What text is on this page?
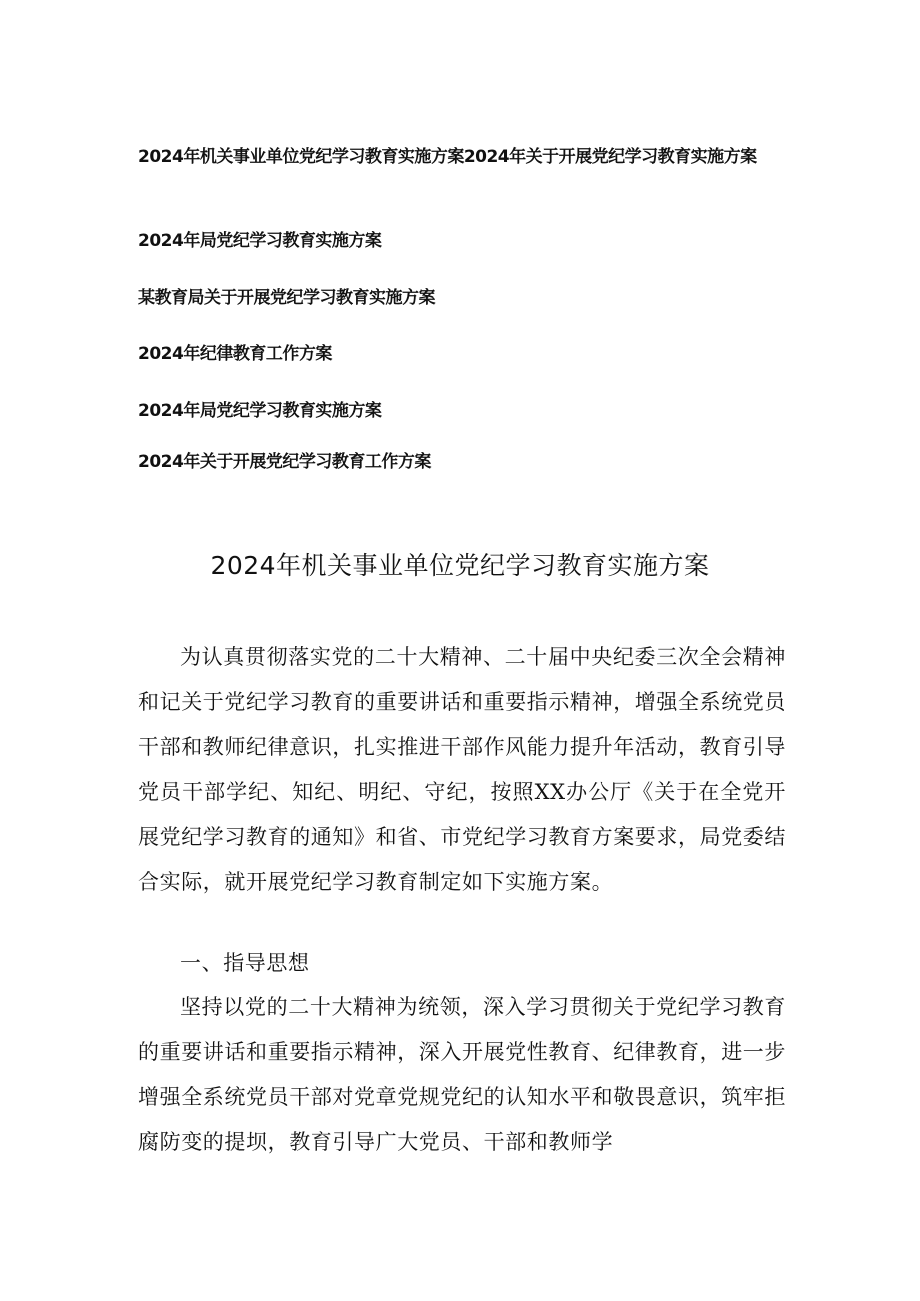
2024年机关事业单位党纪学习教育实施方案2024年关于开展党纪学习教育实施方案
2024年局党纪学习教育实施方案
某教育局关于开展党纪学习教育实施方案
2024年纪律教育工作方案
2024年局党纪学习教育实施方案
2024年关于开展党纪学习教育工作方案
2024年机关事业单位党纪学习教育实施方案
为认真贯彻落实党的二十大精神、二十届中央纪委三次全会精神和记关于党纪学习教育的重要讲话和重要指示精神，增强全系统党员干部和教师纪律意识，扎实推进干部作风能力提升年活动，教育引导党员干部学纪、知纪、明纪、守纪，按照XX办公厅《关于在全党开展党纪学习教育的通知》和省、市党纪学习教育方案要求，局党委结合实际，就开展党纪学习教育制定如下实施方案。
一、指导思想
坚持以党的二十大精神为统领，深入学习贯彻关于党纪学习教育的重要讲话和重要指示精神，深入开展党性教育、纪律教育，进一步增强全系统党员干部对党章党规党纪的认知水平和敬畏意识，筑牢拒腐防变的提坝，教育引导广大党员、干部和教师学
